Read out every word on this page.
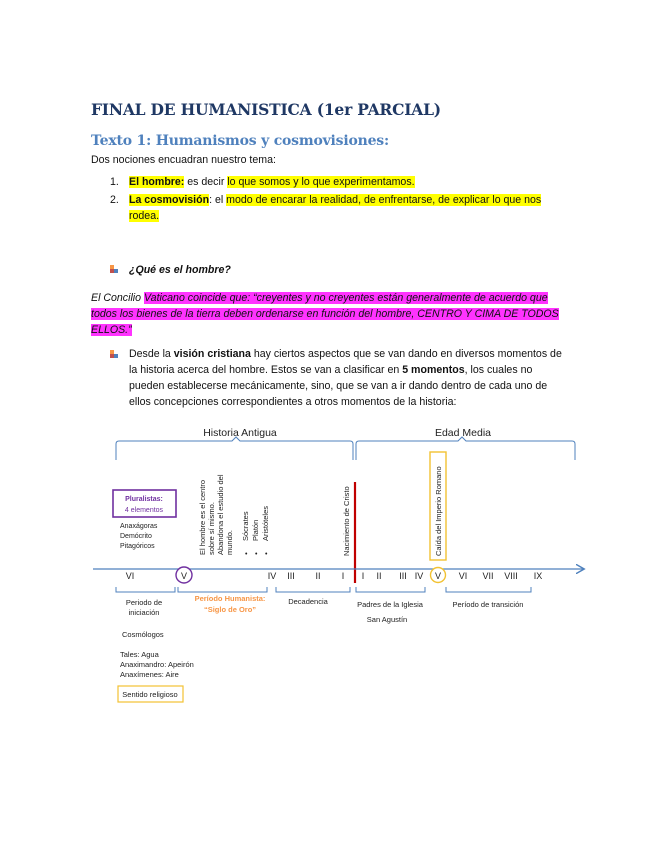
FINAL DE HUMANISTICA (1er PARCIAL)
Texto 1: Humanismos y cosmovisiones:
Dos nociones encuadran nuestro tema:
1. El hombre: es decir lo que somos y lo que experimentamos.
2. La cosmovisión: el modo de encarar la realidad, de enfrentarse, de explicar lo que nos rodea.
¿Qué es el hombre?
El Concilio Vaticano coincide que: “creyentes y no creyentes están generalmente de acuerdo que todos los bienes de la tierra deben ordenarse en función del hombre, CENTRO Y CIMA DE TODOS ELLOS.”
Desde la visión cristiana hay ciertos aspectos que se van dando en diversos momentos de la historia acerca del hombre. Estos se van a clasificar en 5 momentos, los cuales no pueden establecerse mecánicamente, sino, que se van a ir dando dentro de cada uno de ellos concepciones correspondientes a otros momentos de la historia:
Historia Antigua	Edad Media
Pluralistas:
4 elementos
Anaxágoras
Demócrito
Pitagóricos	El hombre es el centro sobre sí mismo. Abandona el estudio del mundo.
Sócrates Platón Aristóteles
• • •	Nacimiento de Cristo	Caída del Imperio Romano
VI	V	IV III II I I II III IV V VI VII VIII IX
Periodo de
iniciación
Período Humanista:
“Siglo de Oro”
Decadencia	Padres de la Iglesia
San Agustín
Período de transición
Cosmólogos
Tales: Agua
Anaximandro: Apeirón
Anaxímenes: Aire
Sentido religioso
